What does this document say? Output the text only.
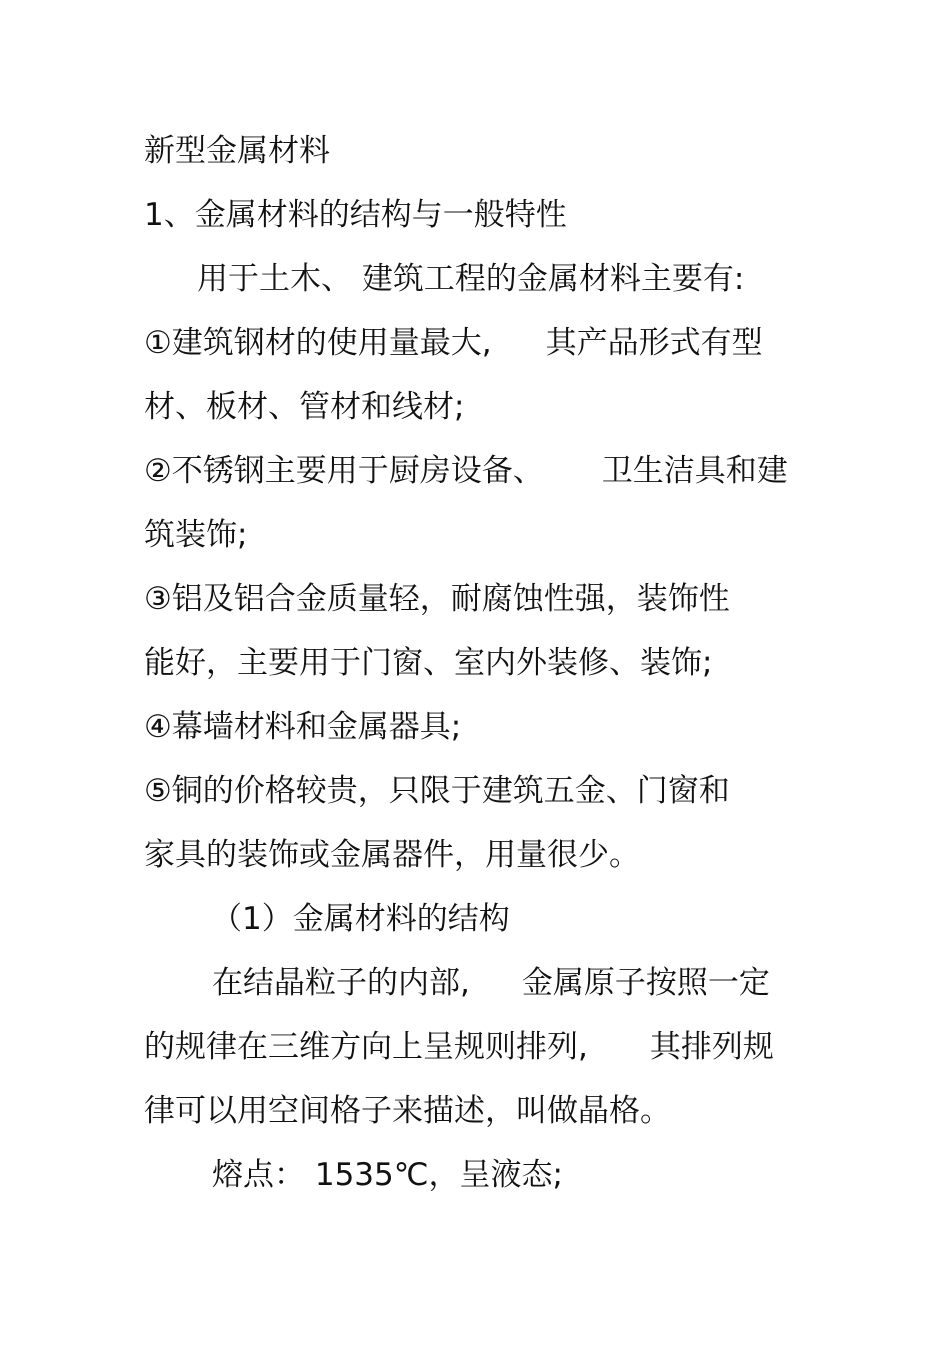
新型金属材料
1、金属材料的结构与一般特性
用于土木、 建筑工程的金属材料主要有:
①建筑钢材的使用量最大, 其产品形式有型
材、板材、管材和线材;
②不锈钢主要用于厨房设备、 卫生洁具和建
筑装饰;
③铝及铝合金质量轻，耐腐蚀性强，装饰性
能好，主要用于门窗、室内外装修、装饰;
④幕墙材料和金属器具;
⑤铜的价格较贵，只限于建筑五金、门窗和
家具的装饰或金属器件，用量很少。
（1）金属材料的结构
在结晶粒子的内部, 金属原子按照一定
的规律在三维方向上呈规则排列, 其排列规
律可以用空间格子来描述，叫做晶格。
熔点： 1535℃，呈液态;
